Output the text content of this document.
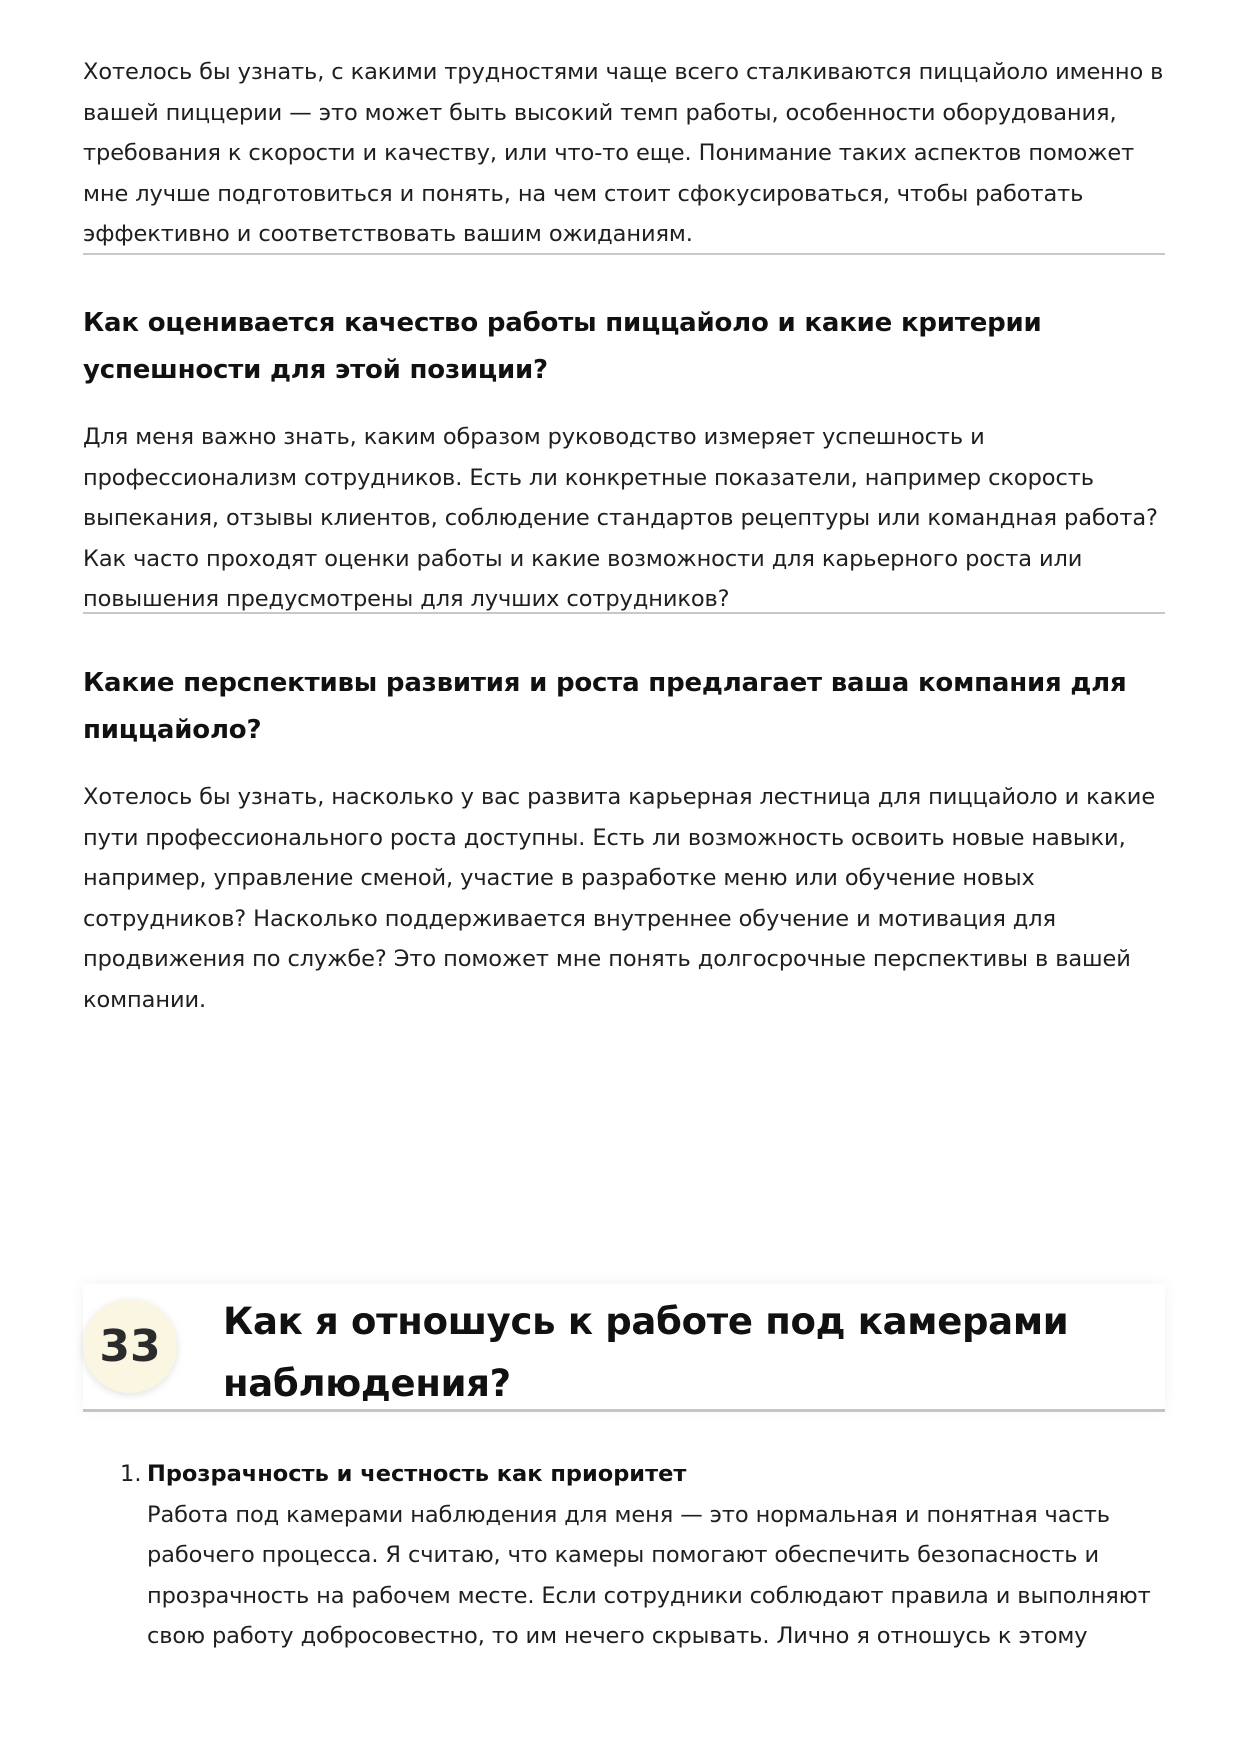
Хотелось бы узнать, с какими трудностями чаще всего сталкиваются пиццайоло именно в вашей пиццерии — это может быть высокий темп работы, особенности оборудования, требования к скорости и качеству, или что-то еще. Понимание таких аспектов поможет мне лучше подготовиться и понять, на чем стоит сфокусироваться, чтобы работать эффективно и соответствовать вашим ожиданиям.

Как оценивается качество работы пиццайоло и какие критерии успешности для этой позиции?

Для меня важно знать, каким образом руководство измеряет успешность и профессионализм сотрудников. Есть ли конкретные показатели, например скорость выпекания, отзывы клиентов, соблюдение стандартов рецептуры или командная работа? Как часто проходят оценки работы и какие возможности для карьерного роста или повышения предусмотрены для лучших сотрудников?

Какие перспективы развития и роста предлагает ваша компания для пиццайоло?

Хотелось бы узнать, насколько у вас развита карьерная лестница для пиццайоло и какие пути профессионального роста доступны. Есть ли возможность освоить новые навыки, например, управление сменой, участие в разработке меню или обучение новых сотрудников? Насколько поддерживается внутреннее обучение и мотивация для продвижения по службе? Это поможет мне понять долгосрочные перспективы в вашей компании.

33	Как я отношусь к работе под камерами наблюдения?
1. Прозрачность и честность как приоритет

Работа под камерами наблюдения для меня — это нормальная и понятная часть рабочего процесса. Я считаю, что камеры помогают обеспечить безопасность и прозрачность на рабочем месте. Если сотрудники соблюдают правила и выполняют свою работу добросовестно, то им нечего скрывать. Лично я отношусь к этому
